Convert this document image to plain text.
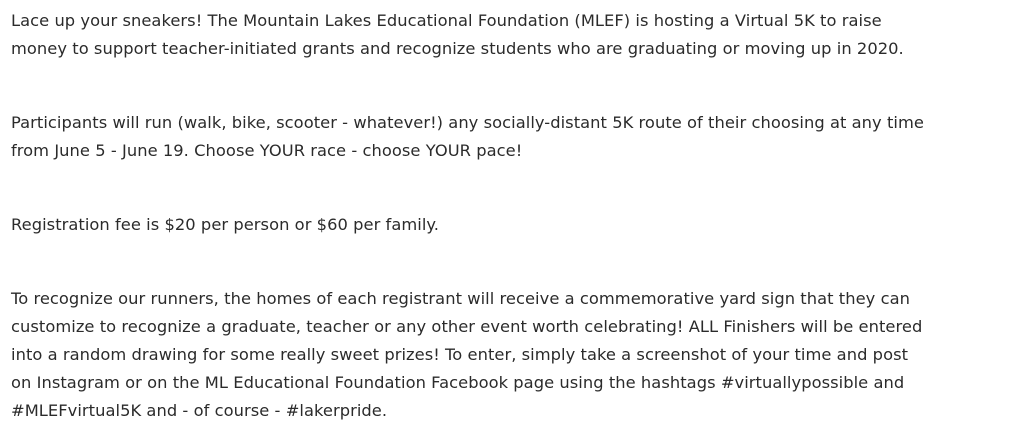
Lace up your sneakers! The Mountain Lakes Educational Foundation (MLEF) is hosting a Virtual 5K to raise
money to support teacher-initiated grants and recognize students who are graduating or moving up in 2020.

Participants will run (walk, bike, scooter - whatever!) any socially-distant 5K route of their choosing at any time
from June 5 - June 19. Choose YOUR race - choose YOUR pace!

Registration fee is $20 per person or $60 per family.

To recognize our runners, the homes of each registrant will receive a commemorative yard sign that they can
customize to recognize a graduate, teacher or any other event worth celebrating! ALL Finishers will be entered
into a random drawing for some really sweet prizes! To enter, simply take a screenshot of your time and post
on Instagram or on the ML Educational Foundation Facebook page using the hashtags #virtuallypossible and
#MLEFvirtual5K and - of course - #lakerpride.
